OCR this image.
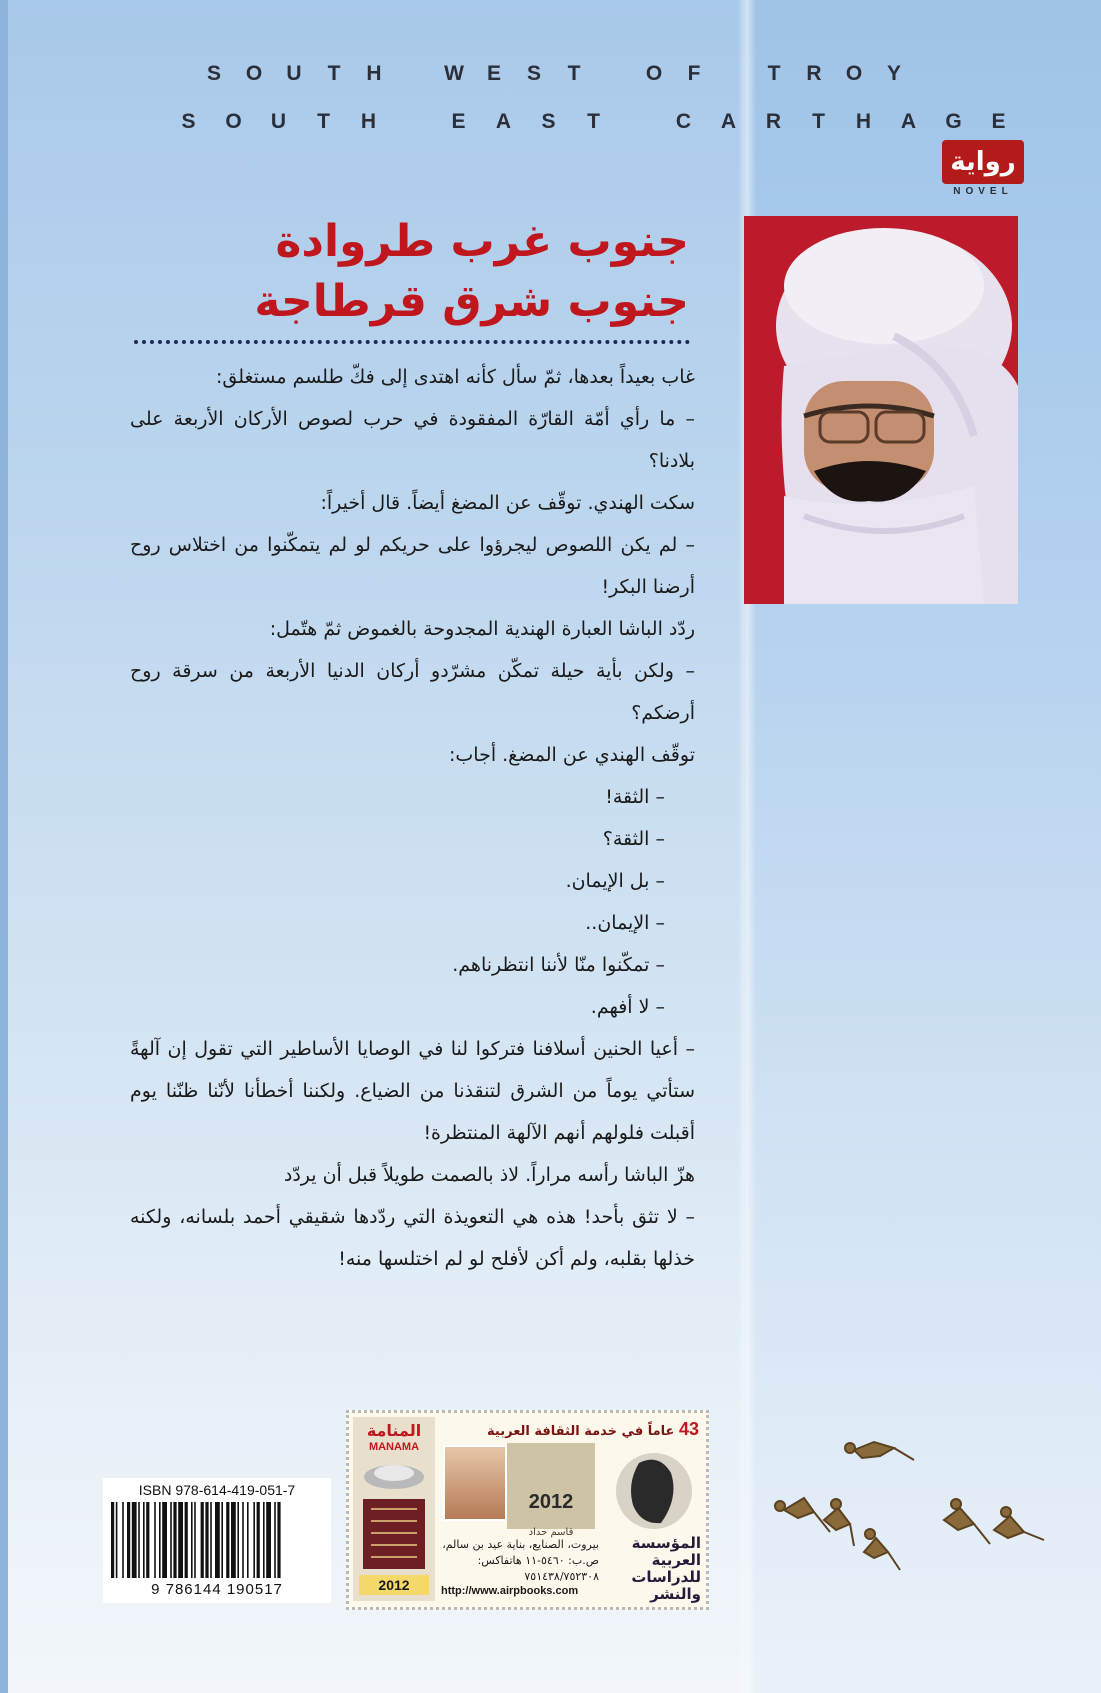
S O U T H	W E S T	O F	T R O Y
S O U T H	E A S T	C A R T H A G E
رواية
NOVEL
جنوب غرب طروادة
جنوب شرق قرطاجة

غاب بعيداً بعدها، ثمّ سأل كأنه اهتدى إلى فكّ طلسم مستغلق:

– ما رأي أمّة القارّة المفقودة في حرب لصوص الأركان الأربعة على بلادنا؟

سكت الهندي. توقّف عن المضغ أيضاً. قال أخيراً:

– لم يكن اللصوص ليجرؤوا على حريكم لو لم يتمكّنوا من اختلاس روح أرضنا البكر!

ردّد الباشا العبارة الهندية المجدوحة بالغموض ثمّ هتّمل:

– ولكن بأية حيلة تمكّن مشرّدو أركان الدنيا الأربعة من سرقة روح أرضكم؟

توقّف الهندي عن المضغ. أجاب:

– الثقة!

– الثقة؟

– بل الإيمان.

– الإيمان..

– تمكّنوا منّا لأننا انتظرناهم.

– لا أفهم.

– أعيا الحنين أسلافنا فتركوا لنا في الوصايا الأساطير التي تقول إن آلهةً ستأتي يوماً من الشرق لتنقذنا من الضياع. ولكننا أخطأنا لأنّنا ظنّنا يوم أقبلت فلولهم أنهم الآلهة المنتظرة!

هزّ الباشا رأسه مراراً. لاذ بالصمت طويلاً قبل أن يردّد

– لا تثق بأحد! هذه هي التعويذة التي ردّدها شقيقي أحمد بلسانه، ولكنه خذلها بقلبه، ولم أكن لأفلح لو لم اختلسها منه!

ISBN 978-614-419-051-7
9 786144 190517
المنامة
MANAMA
2012
43 عاماً في خدمة الثقافة العربية
2012
قاسم حداد
بيروت، الصنايع، بناية عيد بن سالم، ص.ب: ٥٤٦٠-١١ هاتفاكس: ٧٥١٤٣٨/٧٥٢٣٠٨
http://www.airpbooks.com
المؤسسة
العربية
للدراسات
والنشر
